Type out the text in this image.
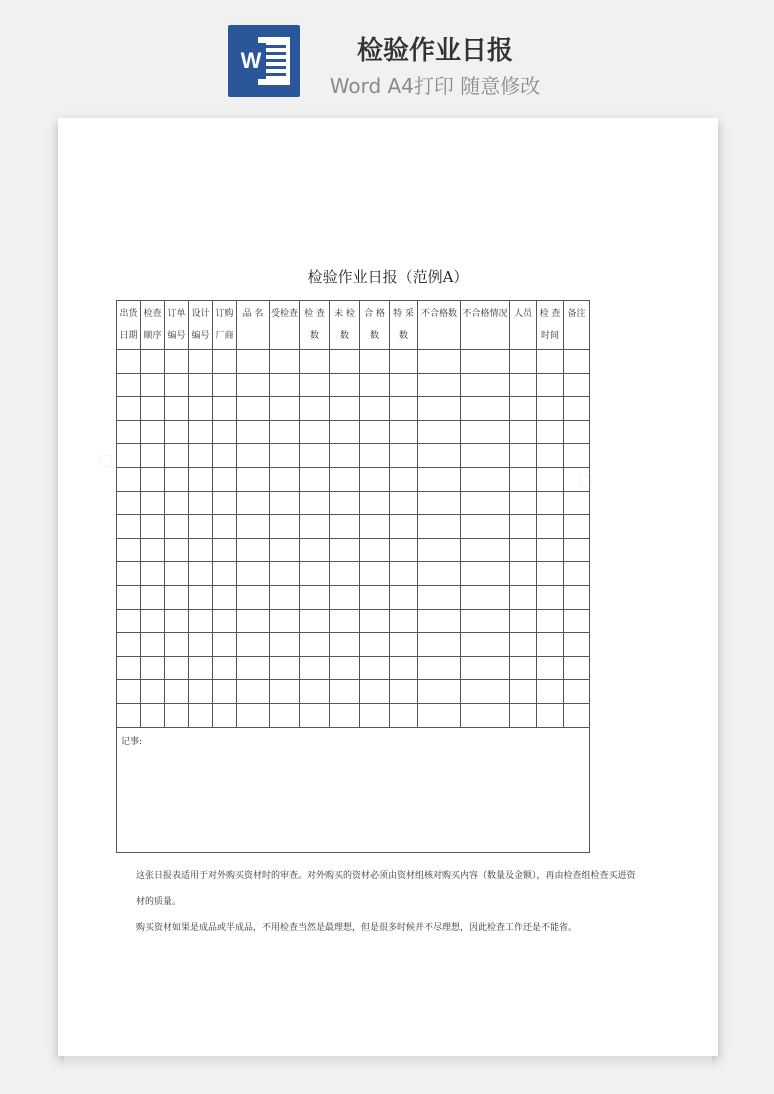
W	检验作业日报
Word A4打印 随意修改
检验作业日报（范例A）
出货日期	检查顺序	订单编号	设计编号	订购厂商	品 名	受检查	检 查数	未 检数	合 格数	特 采数	不合格数	不合格情况	人员	检 查时间	备注

记事:															
这张日报表适用于对外购买资材时的审查。对外购买的资材必须由资材组核对购买内容（数量及金额），再由检查组检查买进资材的质量。
购买资材如果是成品或半成品，不用检查当然是最理想，但是很多时候并不尽理想，因此检查工作还是不能省。
